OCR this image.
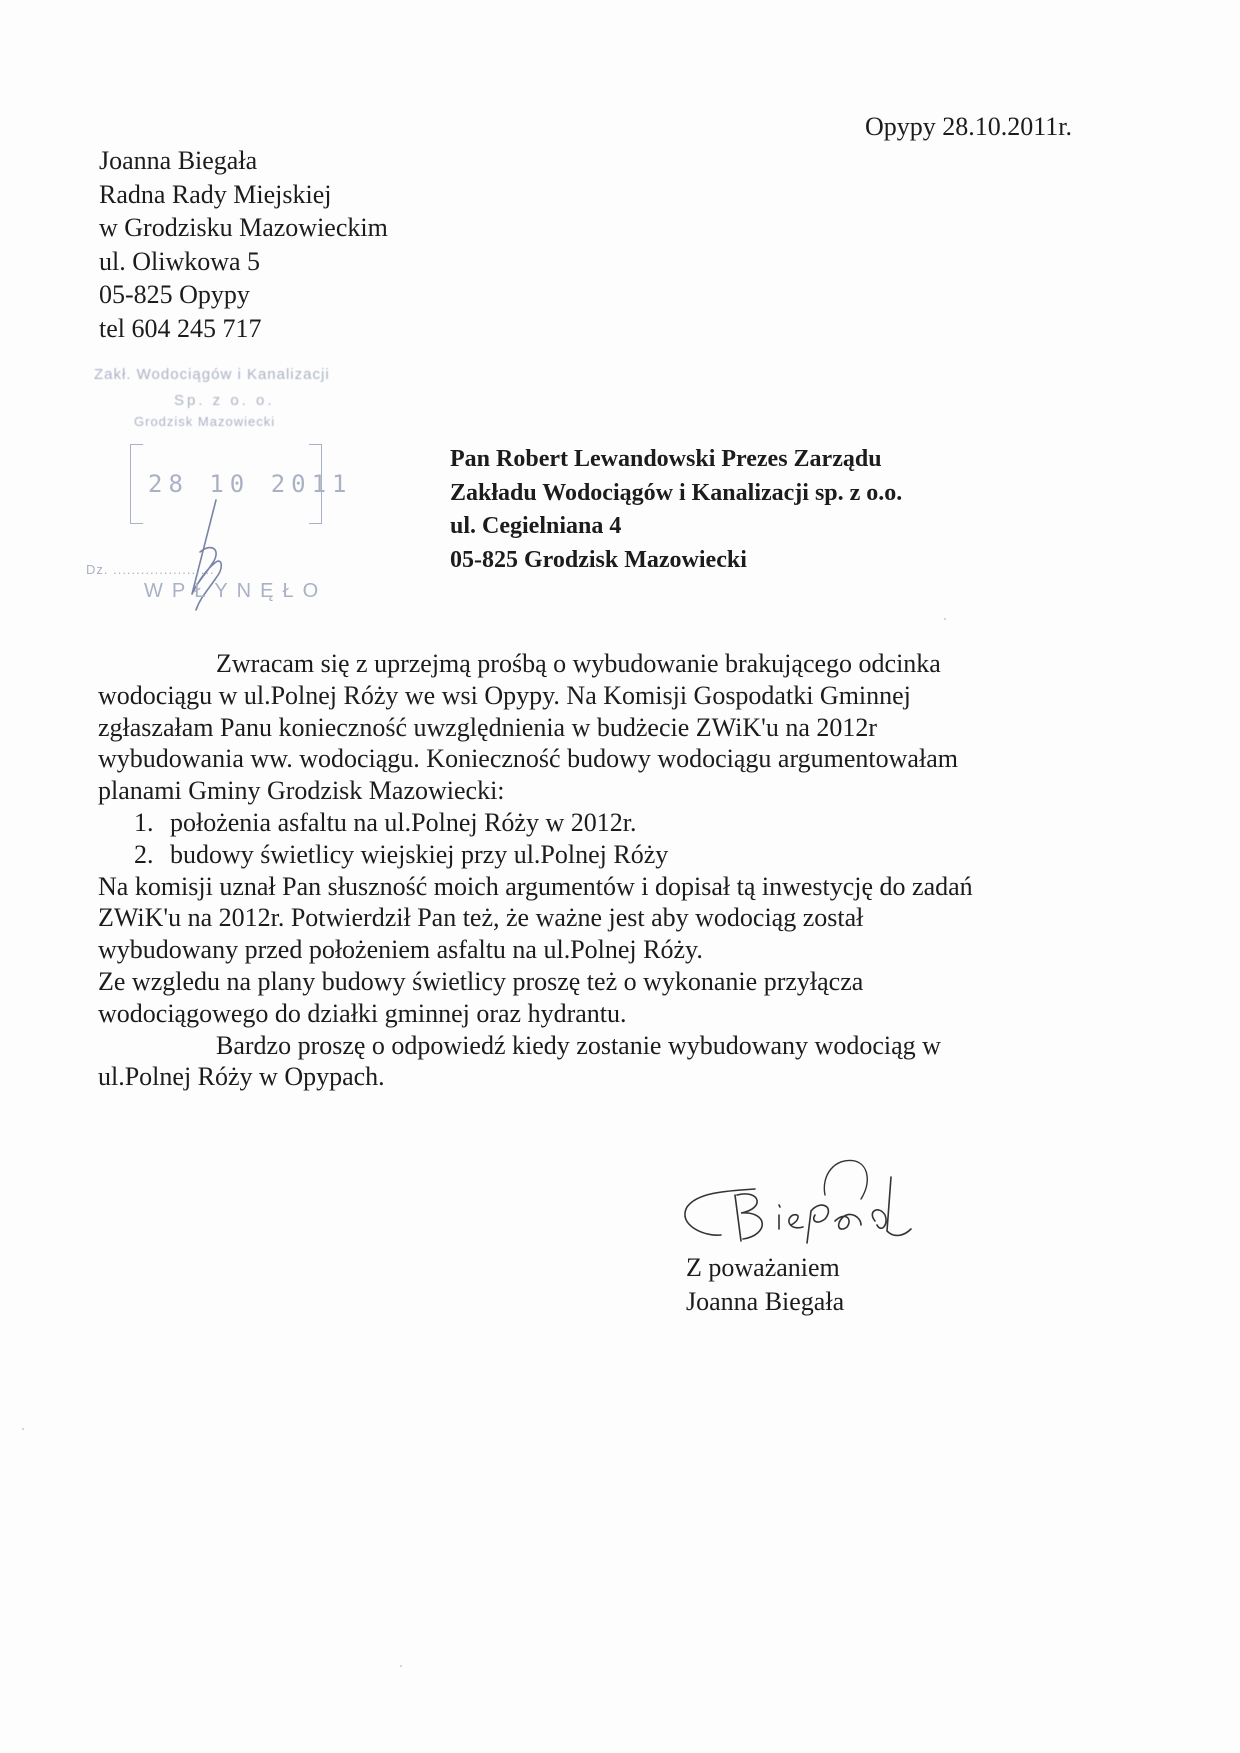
Opypy 28.10.2011r.
Joanna Biegała
Radna Rady Miejskiej
w Grodzisku Mazowieckim
ul. Oliwkowa 5
05-825 Opypy
tel 604 245 717
Zakł. Wodociągów i Kanalizacji
Sp. z o. o.
Grodzisk Mazowiecki
28 10 2011
Dz. ......................
WPŁYNĘŁO
Pan Robert Lewandowski Prezes Zarządu
Zakładu Wodociągów i Kanalizacji sp. z o.o.
ul. Cegielniana 4
05-825 Grodzisk Mazowiecki
Zwracam się z uprzejmą prośbą o wybudowanie brakującego odcinka
wodociągu w ul.Polnej Róży we wsi Opypy. Na Komisji Gospodatki Gminnej
zgłaszałam Panu konieczność uwzględnienia w budżecie ZWiK'u na 2012r
wybudowania ww. wodociągu. Konieczność budowy wodociągu argumentowałam
planami Gminy Grodzisk Mazowiecki:
1. położenia asfaltu na ul.Polnej Róży w 2012r.
2. budowy świetlicy wiejskiej przy ul.Polnej Róży
Na komisji uznał Pan słuszność moich argumentów i dopisał tą inwestycję do zadań
ZWiK'u na 2012r. Potwierdził Pan też, że ważne jest aby wodociąg został
wybudowany przed położeniem asfaltu na ul.Polnej Róży.
Ze wzgledu na plany budowy świetlicy proszę też o wykonanie przyłącza
wodociągowego do działki gminnej oraz hydrantu.
Bardzo proszę o odpowiedź kiedy zostanie wybudowany wodociąg w
ul.Polnej Róży w Opypach.
Z poważaniem
Joanna Biegała
